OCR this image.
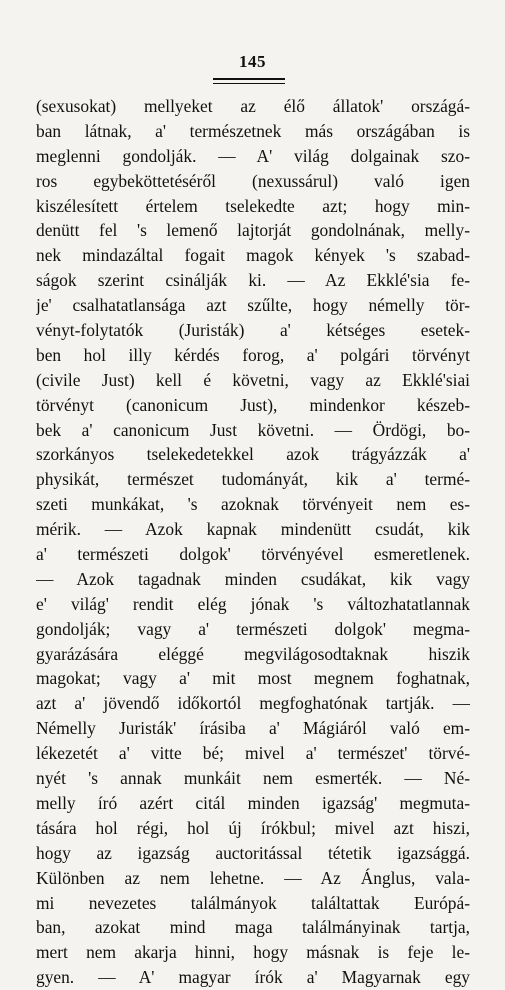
145
(sexusokat) mellyeket az élő állatok' országá-
ban látnak, a' természetnek más országában is
meglenni gondolják. — A' világ dolgainak szo-
ros egybeköttetéséről (nexussárul) való igen
kiszélesített értelem tselekedte azt; hogy min-
denütt fel 's lemenő lajtorját gondolnának, melly-
nek mindazáltal fogait magok kények 's szabad-
ságok szerint csinálják ki. — Az Ekklé'sia fe-
je' csalhatatlansága azt szűlte, hogy némelly tör-
vényt-folytatók (Juristák) a' kétséges esetek-
ben hol illy kérdés forog, a' polgári törvényt
(civile Just) kell é követni, vagy az Ekklé'siai
törvényt (canonicum Just), mindenkor készeb-
bek a' canonicum Just követni. — Ördögi, bo-
szorkányos tselekedetekkel azok trágyázzák a'
physikát, természet tudományát, kik a' termé-
szeti munkákat, 's azoknak törvényeit nem es-
mérik. — Azok kapnak mindenütt csudát, kik
a' természeti dolgok' törvényével esmeretlenek.
— Azok tagadnak minden csudákat, kik vagy
e' világ' rendit elég jónak 's változhatatlannak
gondolják; vagy a' természeti dolgok' megma-
gyarázására eléggé megvilágosodtaknak hiszik
magokat; vagy a' mit most megnem foghatnak,
azt a' jövendő időkortól megfoghatónak tartják. —
Némelly Juristák' írásiba a' Mágiáról való em-
lékezetét a' vitte bé; mivel a' természet' törvé-
nyét 's annak munkáit nem esmerték. — Né-
melly író azért citál minden igazság' megmuta-
tására hol régi, hol új írókbul; mivel azt hiszi,
hogy az igazság auctoritással tétetik igazsággá.
Különben az nem lehetne. — Az Ánglus, vala-
mi nevezetes találmányok találtattak Európá-
ban, azokat mind maga találmányinak tartja,
mert nem akarja hinni, hogy másnak is feje le-
gyen. — A' magyar írók a' Magyarnak egy
